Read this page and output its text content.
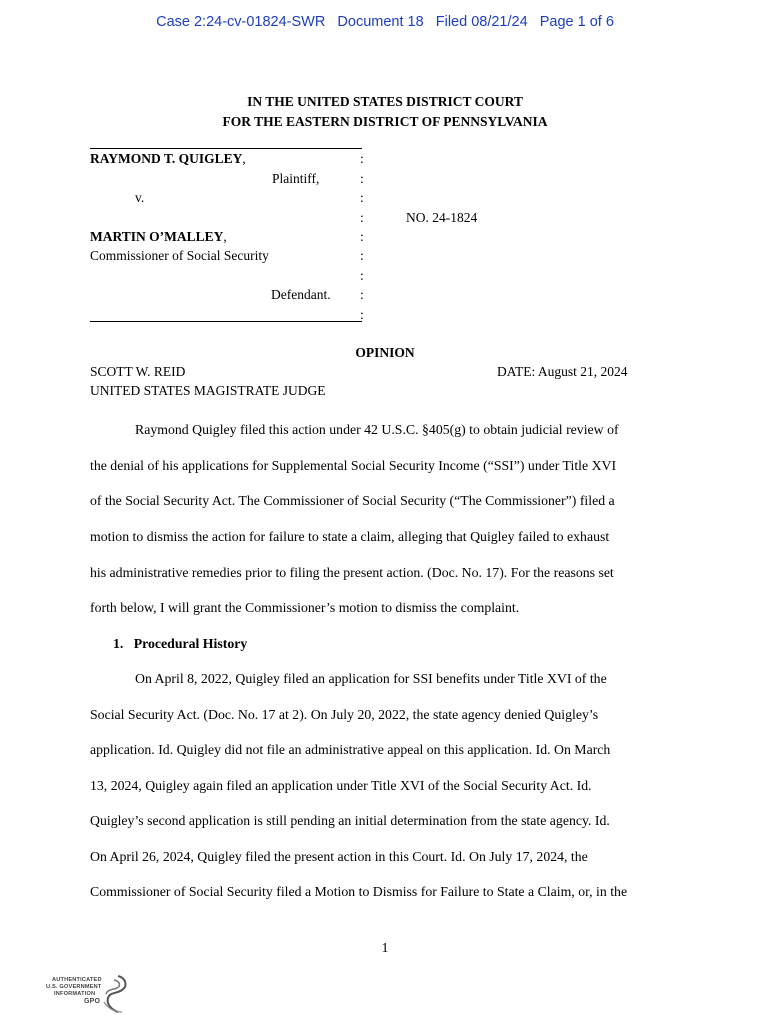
Case 2:24-cv-01824-SWR   Document 18   Filed 08/21/24   Page 1 of 6
IN THE UNITED STATES DISTRICT COURT
FOR THE EASTERN DISTRICT OF PENNSYLVANIA
RAYMOND T. QUIGLEY,
Plaintiff,
v.
NO. 24-1824
MARTIN O’MALLEY,
Commissioner of Social Security
Defendant.
:
:
:
:
:
:
:
:
:
OPINION
SCOTT W. REID	DATE: August 21, 2024
UNITED STATES MAGISTRATE JUDGE
Raymond Quigley filed this action under 42 U.S.C. §405(g) to obtain judicial review of
the denial of his applications for Supplemental Social Security Income (“SSI”) under Title XVI
of the Social Security Act. The Commissioner of Social Security (“The Commissioner”) filed a
motion to dismiss the action for failure to state a claim, alleging that Quigley failed to exhaust
his administrative remedies prior to filing the present action. (Doc. No. 17). For the reasons set
forth below, I will grant the Commissioner’s motion to dismiss the complaint.
1.   Procedural History
On April 8, 2022, Quigley filed an application for SSI benefits under Title XVI of the
Social Security Act. (Doc. No. 17 at 2). On July 20, 2022, the state agency denied Quigley’s
application. Id. Quigley did not file an administrative appeal on this application. Id. On March
13, 2024, Quigley again filed an application under Title XVI of the Social Security Act. Id.
Quigley’s second application is still pending an initial determination from the state agency. Id.
On April 26, 2024, Quigley filed the present action in this Court. Id. On July 17, 2024, the
Commissioner of Social Security filed a Motion to Dismiss for Failure to State a Claim, or, in the
1
AUTHENTICATED
U.S. GOVERNMENT
INFORMATION
GPO
